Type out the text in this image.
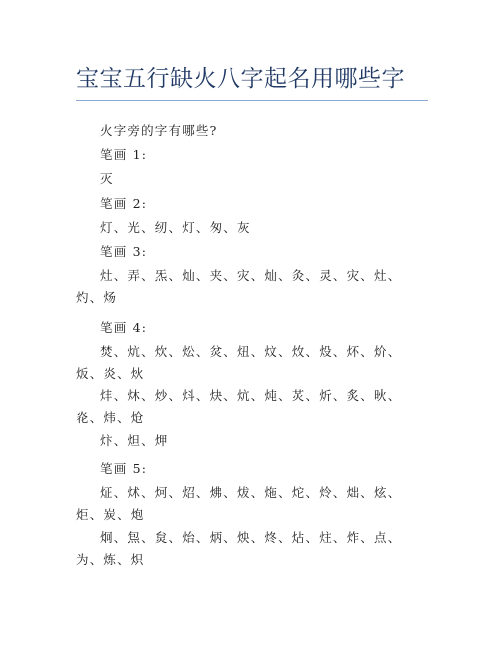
宝宝五行缺火八字起名用哪些字

火字旁的字有哪些?

笔画 1:

灭

笔画 2:

灯、光、纫、灯、匆、灰

笔画 3:

灶、弄、炁、灿、夹、灾、灿、灸、灵、灾、灶、灼、炀

笔画 4:

焚、炕、炊、炂、炃、炄、炆、炇、炈、炋、炌、炍、炎、炏

炐、炑、炒、炓、炔、炕、炖、炗、炘、炙、炚、炛、炜、炝

炞、炟、炠

笔画 5:

炡、炢、炣、炤、炥、炦、炧、炨、炩、炪、炫、炬、炭、炮

炯、炰、炱、炲、炳、炴、炵、炶、炷、炸、点、为、炼、炽
